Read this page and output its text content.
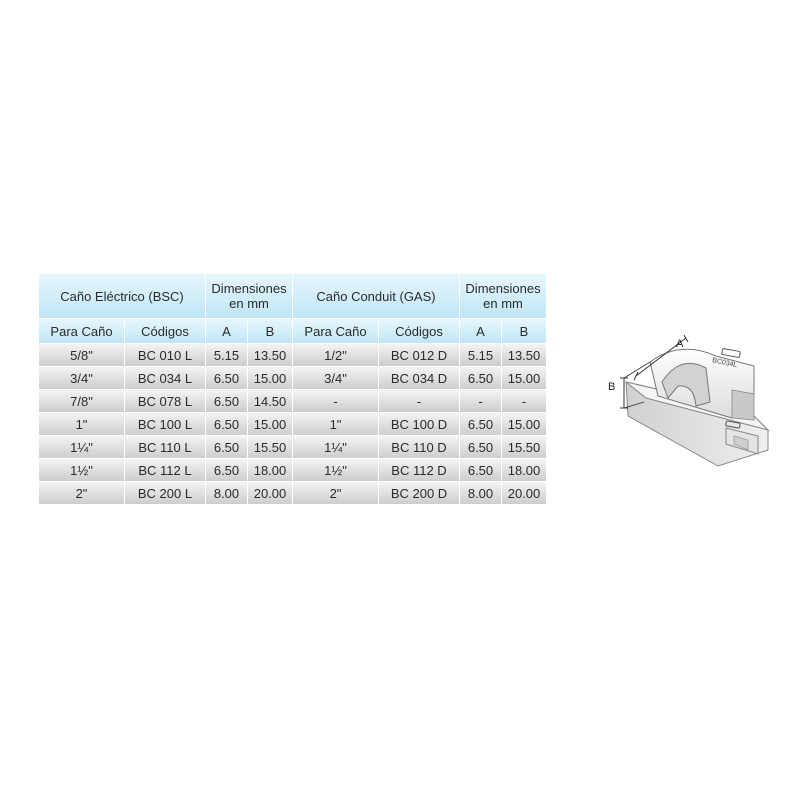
Caño Eléctrico (BSC)		Dimensiones en mm		Caño Conduit (GAS)		Dimensiones en mm	
Para Caño	Códigos	A	B	Para Caño	Códigos	A	B
5/8"	BC 010 L	5.15	13.50	1/2"	BC 012 D	5.15	13.50
3/4"	BC 034 L	6.50	15.00	3/4"	BC 034 D	6.50	15.00
7/8"	BC 078 L	6.50	14.50	-	-	-	-
1"	BC 100 L	6.50	15.00	1"	BC 100 D	6.50	15.00
1¼"	BC 110 L	6.50	15.50	1¼"	BC 110 D	6.50	15.50
1½"	BC 112 L	6.50	18.00	1½"	BC 112 D	6.50	18.00
2"	BC 200 L	8.00	20.00	2"	BC 200 D	8.00	20.00
BC034L
A
B
